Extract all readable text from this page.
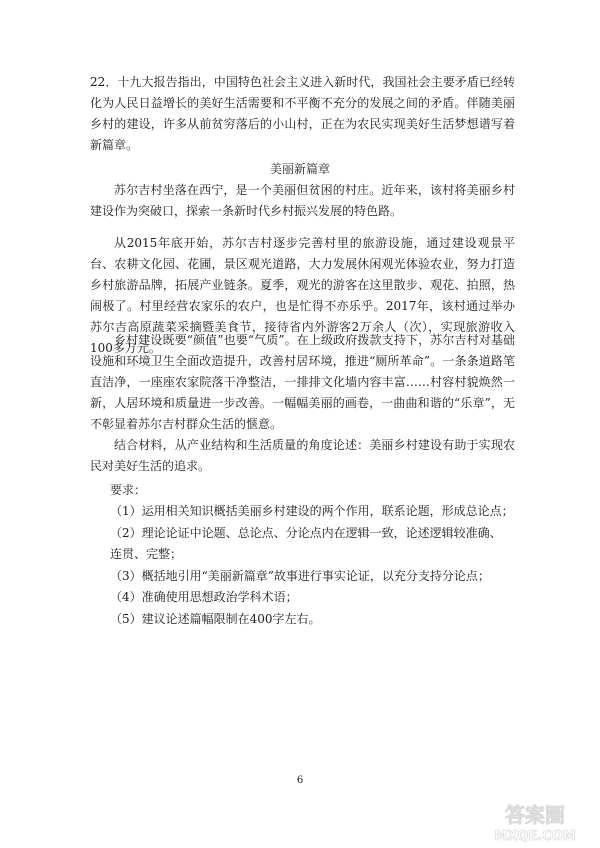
22．十九大报告指出，中国特色社会主义进入新时代，我国社会主要矛盾已经转化为人民日益增长的美好生活需要和不平衡不充分的发展之间的矛盾。伴随美丽乡村的建设，许多从前贫穷落后的小山村，正在为农民实现美好生活梦想谱写着新篇章。

美丽新篇章

苏尔吉村坐落在西宁，是一个美丽但贫困的村庄。近年来，该村将美丽乡村建设作为突破口，探索一条新时代乡村振兴发展的特色路。

从2015年底开始，苏尔吉村逐步完善村里的旅游设施，通过建设观景平台、农耕文化园、花圃，景区观光道路，大力发展休闲观光体验农业，努力打造乡村旅游品牌，拓展产业链条。夏季，观光的游客在这里散步、观花、拍照，热闹极了。村里经营农家乐的农户，也是忙得不亦乐乎。2017年，该村通过举办苏尔吉高原蔬菜采摘暨美食节，接待省内外游客2万余人（次），实现旅游收入100多万元。

乡村建设既要“颜值”也要“气质”。在上级政府拨款支持下，苏尔吉村对基础设施和环境卫生全面改造提升，改善村居环境，推进“厕所革命”。一条条道路笔直洁净，一座座农家院落干净整洁，一排排文化墙内容丰富……村容村貌焕然一新，人居环境和质量进一步改善。一幅幅美丽的画卷，一曲曲和谐的“乐章”，无不彰显着苏尔吉村群众生活的惬意。

结合材料，从产业结构和生活质量的角度论述：美丽乡村建设有助于实现农民对美好生活的追求。

要求：

（1）运用相关知识概括美丽乡村建设的两个作用，联系论题，形成总论点；

（2）理论论证中论题、总论点、分论点内在逻辑一致，论述逻辑较准确、

连贯、完整；

（3）概括地引用“美丽新篇章”故事进行事实论证，以充分支持分论点；

（4）准确使用思想政治学科术语；

（5）建议论述篇幅限制在400字左右。

6
答案圈
MXQE.COM
